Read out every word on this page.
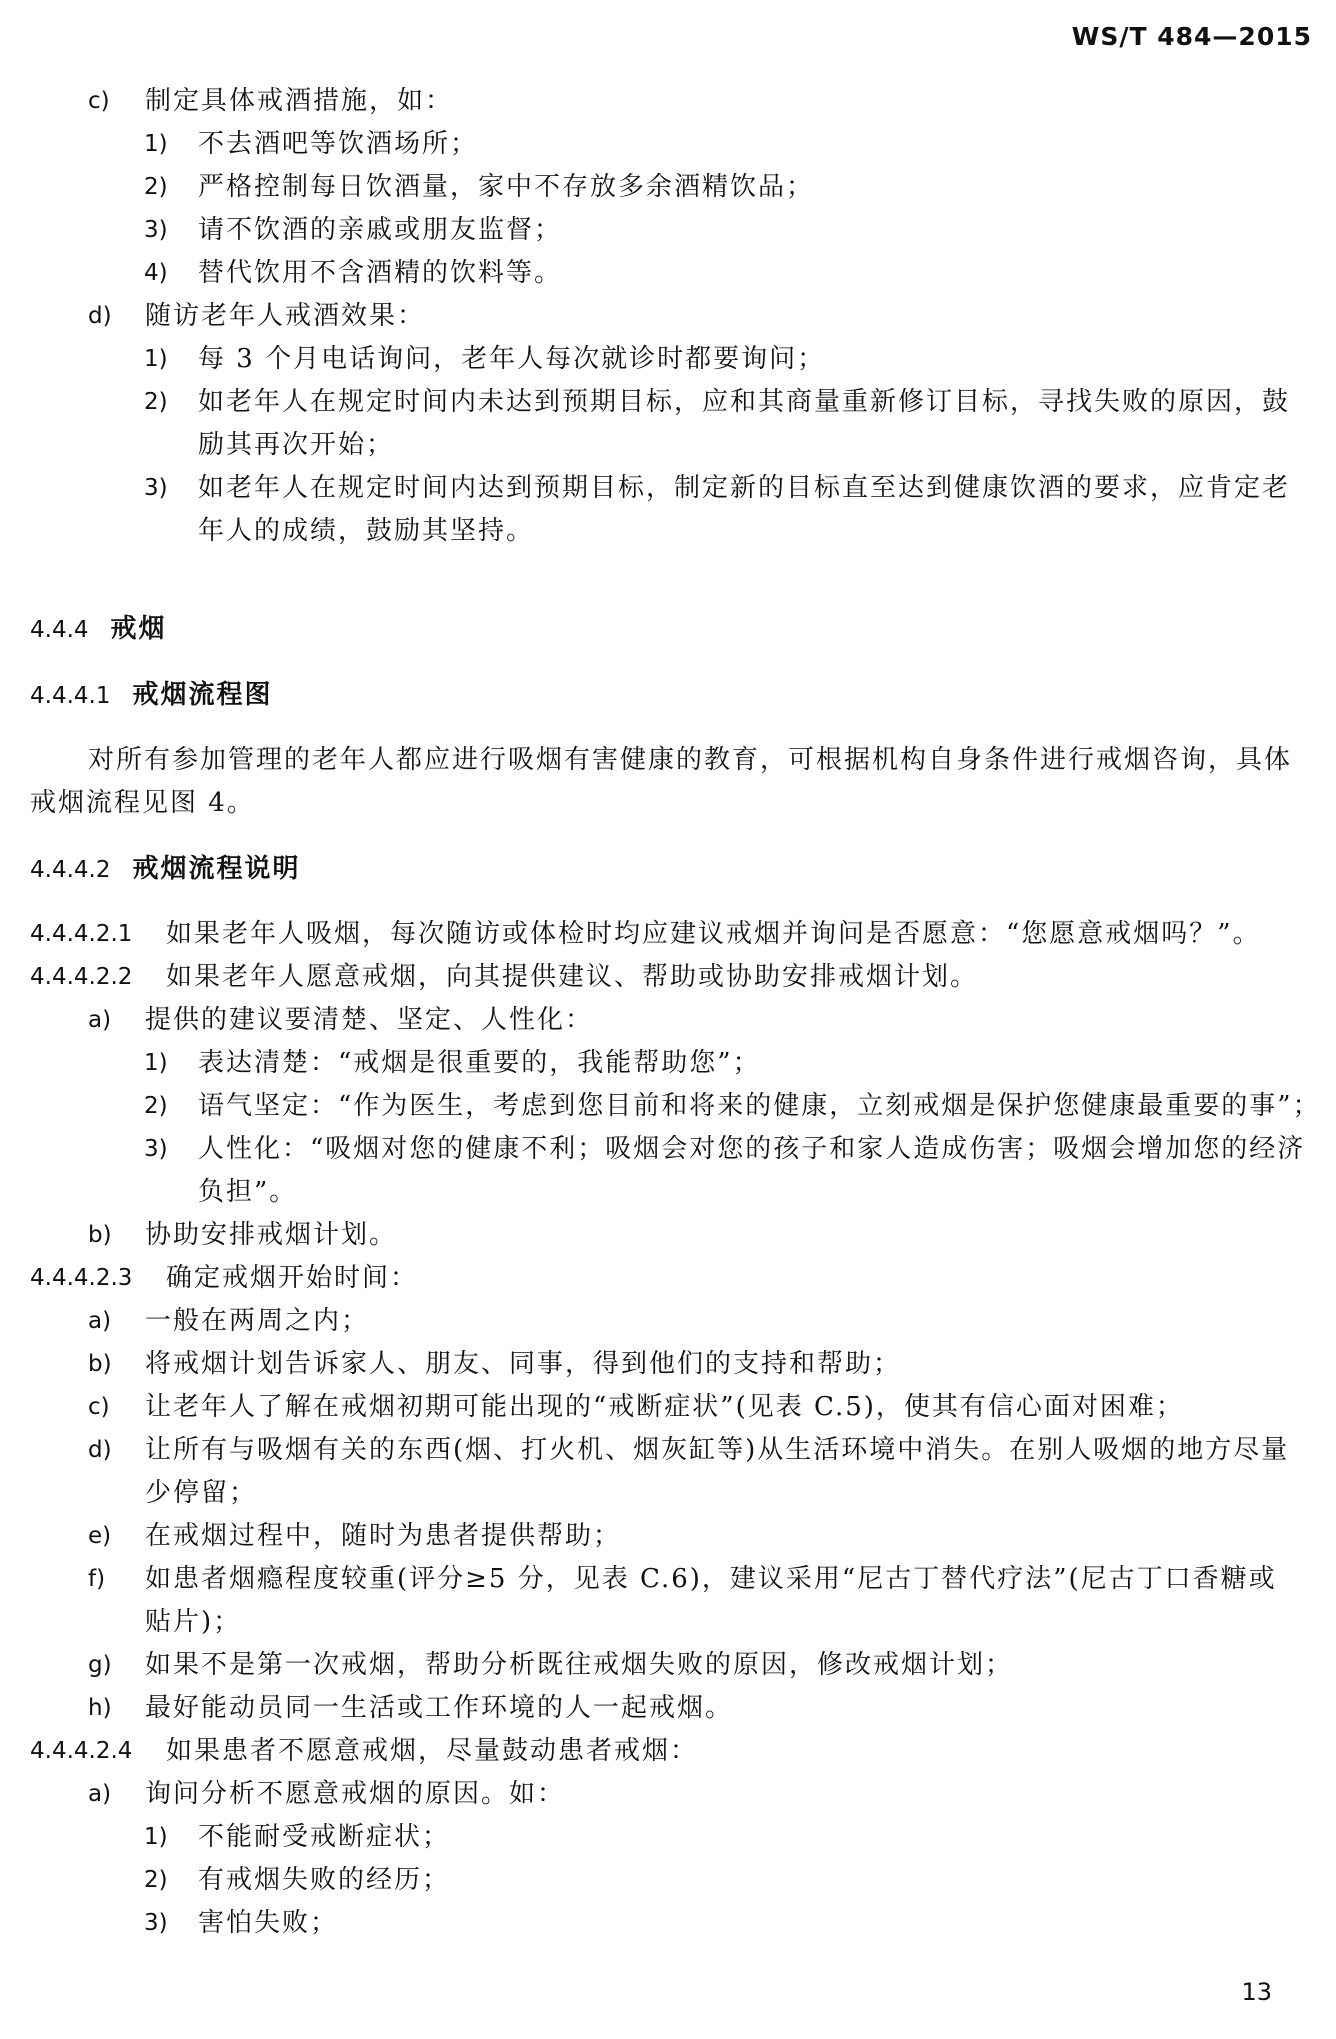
WS/T 484—2015
c) 制定具体戒酒措施，如：
1) 不去酒吧等饮酒场所；
2) 严格控制每日饮酒量，家中不存放多余酒精饮品；
3) 请不饮酒的亲戚或朋友监督；
4) 替代饮用不含酒精的饮料等。
d) 随访老年人戒酒效果：
1) 每 3 个月电话询问，老年人每次就诊时都要询问；
2) 如老年人在规定时间内未达到预期目标，应和其商量重新修订目标，寻找失败的原因，鼓
励其再次开始；
3) 如老年人在规定时间内达到预期目标，制定新的目标直至达到健康饮酒的要求，应肯定老
年人的成绩，鼓励其坚持。
4.4.4 戒烟
4.4.4.1 戒烟流程图
对所有参加管理的老年人都应进行吸烟有害健康的教育，可根据机构自身条件进行戒烟咨询，具体
戒烟流程见图 4。
4.4.4.2 戒烟流程说明
4.4.4.2.1 如果老年人吸烟，每次随访或体检时均应建议戒烟并询问是否愿意：“您愿意戒烟吗？”。
4.4.4.2.2 如果老年人愿意戒烟，向其提供建议、帮助或协助安排戒烟计划。
a) 提供的建议要清楚、坚定、人性化：
1) 表达清楚：“戒烟是很重要的，我能帮助您”；
2) 语气坚定：“作为医生，考虑到您目前和将来的健康，立刻戒烟是保护您健康最重要的事”；
3) 人性化：“吸烟对您的健康不利；吸烟会对您的孩子和家人造成伤害；吸烟会增加您的经济
负担”。
b) 协助安排戒烟计划。
4.4.4.2.3 确定戒烟开始时间：
a) 一般在两周之内；
b) 将戒烟计划告诉家人、朋友、同事，得到他们的支持和帮助；
c) 让老年人了解在戒烟初期可能出现的“戒断症状”(见表 C.5)，使其有信心面对困难；
d) 让所有与吸烟有关的东西(烟、打火机、烟灰缸等)从生活环境中消失。在别人吸烟的地方尽量
少停留；
e) 在戒烟过程中，随时为患者提供帮助；
f) 如患者烟瘾程度较重(评分≥5 分，见表 C.6)，建议采用“尼古丁替代疗法”(尼古丁口香糖或
贴片)；
g) 如果不是第一次戒烟，帮助分析既往戒烟失败的原因，修改戒烟计划；
h) 最好能动员同一生活或工作环境的人一起戒烟。
4.4.4.2.4 如果患者不愿意戒烟，尽量鼓动患者戒烟：
a) 询问分析不愿意戒烟的原因。如：
1) 不能耐受戒断症状；
2) 有戒烟失败的经历；
3) 害怕失败；
13
